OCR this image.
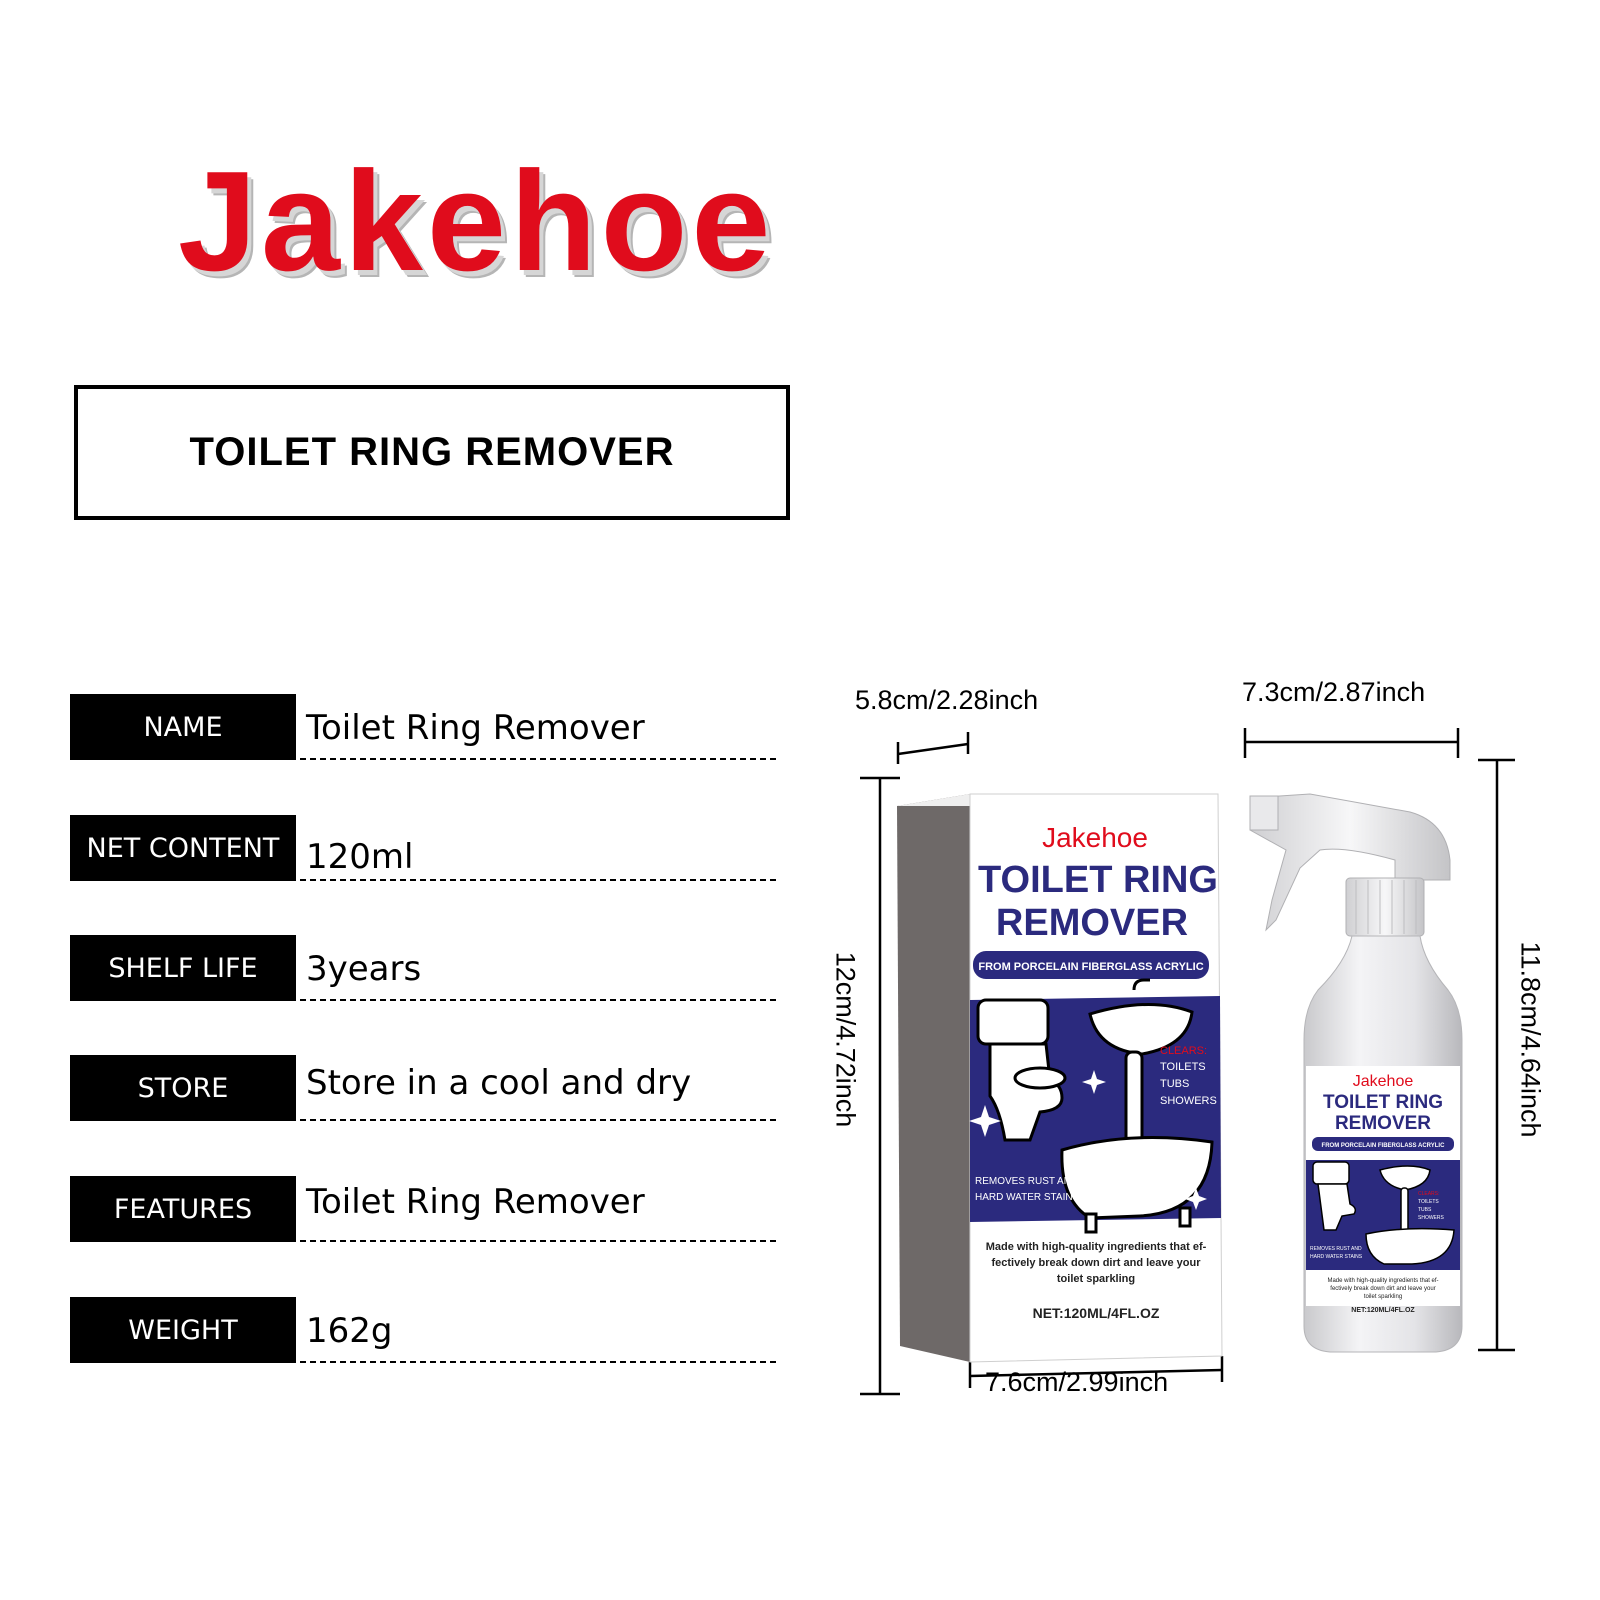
Jakehoe
TOILET RING REMOVER
NAME	Toilet Ring Remover
NET CONTENT 120ml
SHELF LIFE	3years
STORE	Store in a cool and dry
FEATURES	Toilet Ring Remover
WEIGHT	162g
5.8cm/2.28inch	7.3cm/2.87inch
7.6cm/2.99inch
12cm/4.72inch	11.8cm/4.64inch
Jakehoe
TOILET RING
REMOVER
FROM PORCELAIN FIBERGLASS ACRYLIC
CLEARS:
TOILETS
TUBS
SHOWERS
REMOVES RUST AND
HARD WATER STAINS
Made with high-quality ingredients that ef-
fectively break down dirt and leave your
toilet sparkling
NET:120ML/4FL.OZ
Jakehoe
TOILET RING
REMOVER
FROM PORCELAIN FIBERGLASS ACRYLIC
CLEARS:
TOILETS
TUBS
SHOWERS
REMOVES RUST AND
HARD WATER STAINS
Made with high-quality ingredients that ef-
fectively break down dirt and leave your
toilet sparkling
NET:120ML/4FL.OZ
